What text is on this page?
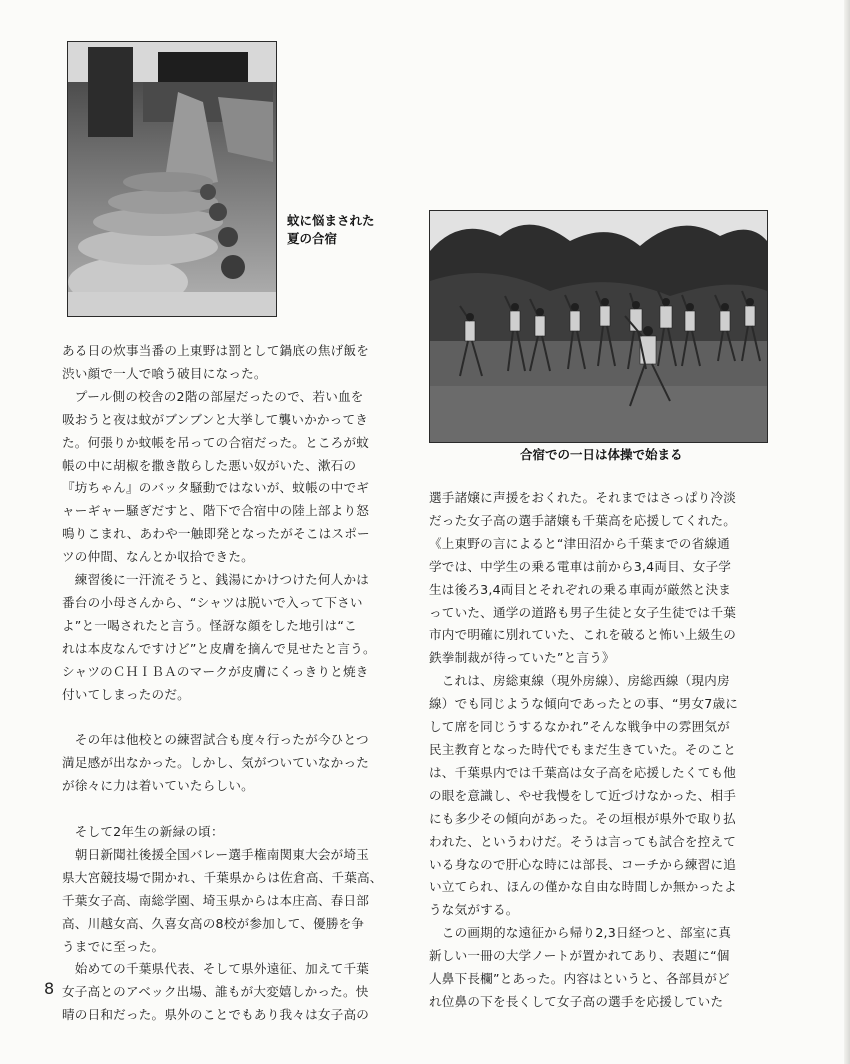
蚊に悩まされた
夏の合宿
合宿での一日は体操で始まる

ある日の炊事当番の上東野は罰として鍋底の焦げ飯を

渋い顔で一人で喰う破目になった。

　プール側の校舎の2階の部屋だったので、若い血を

吸おうと夜は蚊がブンブンと大挙して襲いかかってき

た。何張りか蚊帳を吊っての合宿だった。ところが蚊

帳の中に胡椒を撒き散らした悪い奴がいた、漱石の

『坊ちゃん』のバッタ騒動ではないが、蚊帳の中でギ

ャーギャー騒ぎだすと、階下で合宿中の陸上部より怒

鳴りこまれ、あわや一触即発となったがそこはスポー

ツの仲間、なんとか収拾できた。

　練習後に一汗流そうと、銭湯にかけつけた何人かは

番台の小母さんから、“シャツは脱いで入って下さい

よ”と一喝されたと言う。怪訝な顔をした地引は“こ

れは本皮なんですけど”と皮膚を摘んで見せたと言う。

シャツのＣＨＩＢＡのマークが皮膚にくっきりと焼き

付いてしまったのだ。

　その年は他校との練習試合も度々行ったが今ひとつ

満足感が出なかった。しかし、気がついていなかった

が徐々に力は着いていたらしい。

　そして2年生の新緑の頃：

　朝日新聞社後援全国バレー選手権南関東大会が埼玉

県大宮競技場で開かれ、千葉県からは佐倉高、千葉高、

千葉女子高、南総学園、埼玉県からは本庄高、春日部

高、川越女高、久喜女高の8校が参加して、優勝を争

うまでに至った。

　始めての千葉県代表、そして県外遠征、加えて千葉

女子高とのアベック出場、誰もが大変嬉しかった。快

晴の日和だった。県外のことでもあり我々は女子高の

選手諸嬢に声援をおくれた。それまではさっぱり冷淡

だった女子高の選手諸嬢も千葉高を応援してくれた。

《上東野の言によると“津田沼から千葉までの省線通

学では、中学生の乗る電車は前から3,4両目、女子学

生は後ろ3,4両目とそれぞれの乗る車両が厳然と決ま

っていた、通学の道路も男子生徒と女子生徒では千葉

市内で明確に別れていた、これを破ると怖い上級生の

鉄拳制裁が待っていた”と言う》

　これは、房総東線（現外房線）、房総西線（現内房

線）でも同じような傾向であったとの事、“男女7歳に

して席を同じうするなかれ”そんな戦争中の雰囲気が

民主教育となった時代でもまだ生きていた。そのこと

は、千葉県内では千葉高は女子高を応援したくても他

の眼を意識し、やせ我慢をして近づけなかった、相手

にも多少その傾向があった。その垣根が県外で取り払

われた、というわけだ。そうは言っても試合を控えて

いる身なので肝心な時には部長、コーチから練習に追

い立てられ、ほんの僅かな自由な時間しか無かったよ

うな気がする。

　この画期的な遠征から帰り2,3日経つと、部室に真

新しい一冊の大学ノートが置かれてあり、表題に“個

人鼻下長欄”とあった。内容はというと、各部員がど

れ位鼻の下を長くして女子高の選手を応援していた

8
